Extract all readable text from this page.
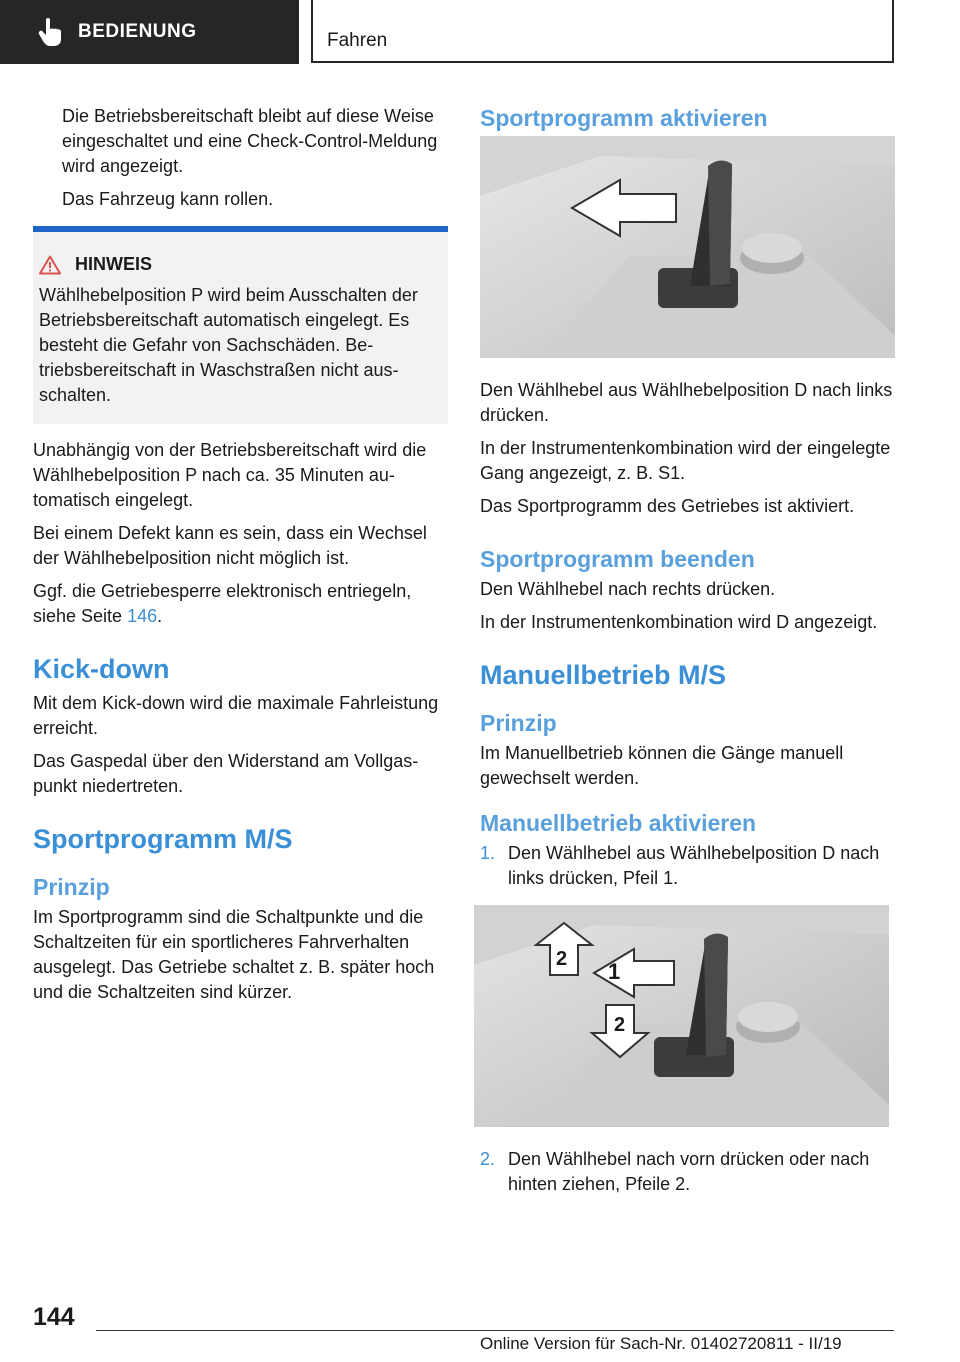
BEDIENUNG	Fahren

Die Betriebsbereitschaft bleibt auf diese Weise eingeschaltet und eine Check-Control-Meldung wird angezeigt.

Das Fahrzeug kann rollen.

HINWEIS
Wählhebelposition P wird beim Ausschalten der Betriebsbereitschaft automatisch eingelegt. Es besteht die Gefahr von Sachschäden. Betriebsbereitschaft in Waschstraßen nicht ausschalten.

Unabhängig von der Betriebsbereitschaft wird die Wählhebelposition P nach ca. 35 Minuten automatisch eingelegt.

Bei einem Defekt kann es sein, dass ein Wechsel der Wählhebelposition nicht möglich ist.

Ggf. die Getriebesperre elektronisch entriegeln, siehe Seite 146.

Kick-down

Mit dem Kick-down wird die maximale Fahrleistung erreicht.

Das Gaspedal über den Widerstand am Vollgaspunkt niedertreten.

Sportprogramm M/S
Prinzip

Im Sportprogramm sind die Schaltpunkte und die Schaltzeiten für ein sportlicheres Fahrverhalten ausgelegt. Das Getriebe schaltet z. B. später hoch und die Schaltzeiten sind kürzer.

Sportprogramm aktivieren

Den Wählhebel aus Wählhebelposition D nach links drücken.

In der Instrumentenkombination wird der eingelegte Gang angezeigt, z. B. S1.

Das Sportprogramm des Getriebes ist aktiviert.

Sportprogramm beenden

Den Wählhebel nach rechts drücken.

In der Instrumentenkombination wird D angezeigt.

Manuellbetrieb M/S
Prinzip

Im Manuellbetrieb können die Gänge manuell gewechselt werden.

Manuellbetrieb aktivieren
1. Den Wählhebel aus Wählhebelposition D nach links drücken, Pfeil 1.
1
2
2
2. Den Wählhebel nach vorn drücken oder nach hinten ziehen, Pfeile 2.
144
Online Version für Sach-Nr. 01402720811 - II/19
